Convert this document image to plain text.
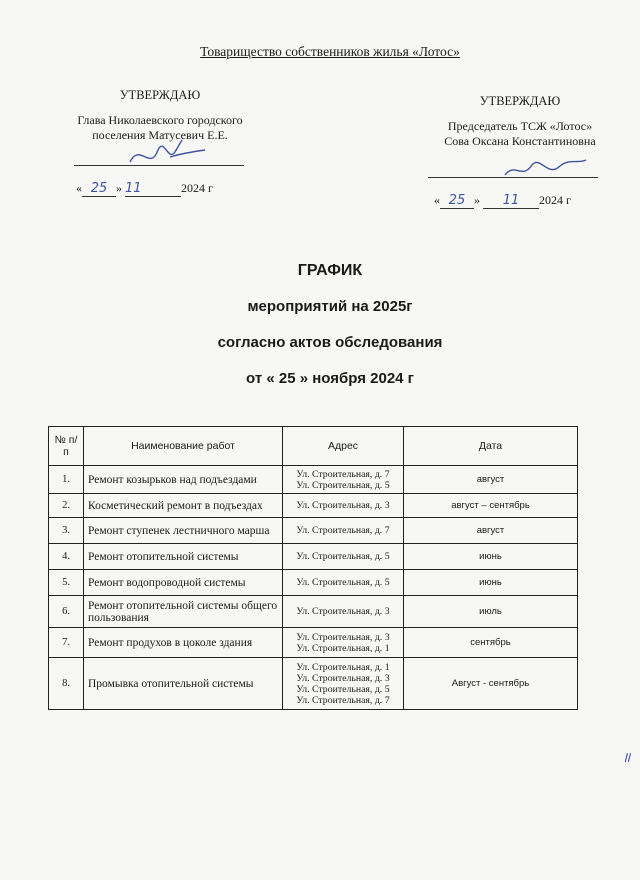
Товарищество собственников жилья «Лотос»
УТВЕРЖДАЮ
Глава Николаевского городского
поселения Матусевич Е.Е.
« 25 » 11	2024 г
УТВЕРЖДАЮ
Председатель ТСЖ «Лотос»
Сова Оксана Константиновна
« 25 » 11 2024 г
ГРАФИК
мероприятий на 2025г
согласно актов обследования
от « 25 » ноября 2024 г
№ п/п	Наименование работ	Адрес	Дата
1.	Ремонт козырьков над подъездами	Ул. Строительная, д. 7
Ул. Строительная, д. 5	август
2.	Косметический ремонт в подъездах	Ул. Строительная, д. 3	август – сентябрь
3.	Ремонт ступенек лестничного марша	Ул. Строительная, д. 7	август
4.	Ремонт отопительной системы	Ул. Строительная, д. 5	июнь
5.	Ремонт водопроводной системы	Ул. Строительная, д. 5	июнь
6.	Ремонт отопительной системы общего пользования	Ул. Строительная, д. 3	июль
7.	Ремонт продухов в цоколе здания	Ул. Строительная, д. 3
Ул. Строительная, д. 1	сентябрь
8.	Промывка отопительной системы	Ул. Строительная, д. 1
Ул. Строительная, д. 3
Ул. Строительная, д. 5
Ул. Строительная, д. 7	Август - сентябрь
॥
